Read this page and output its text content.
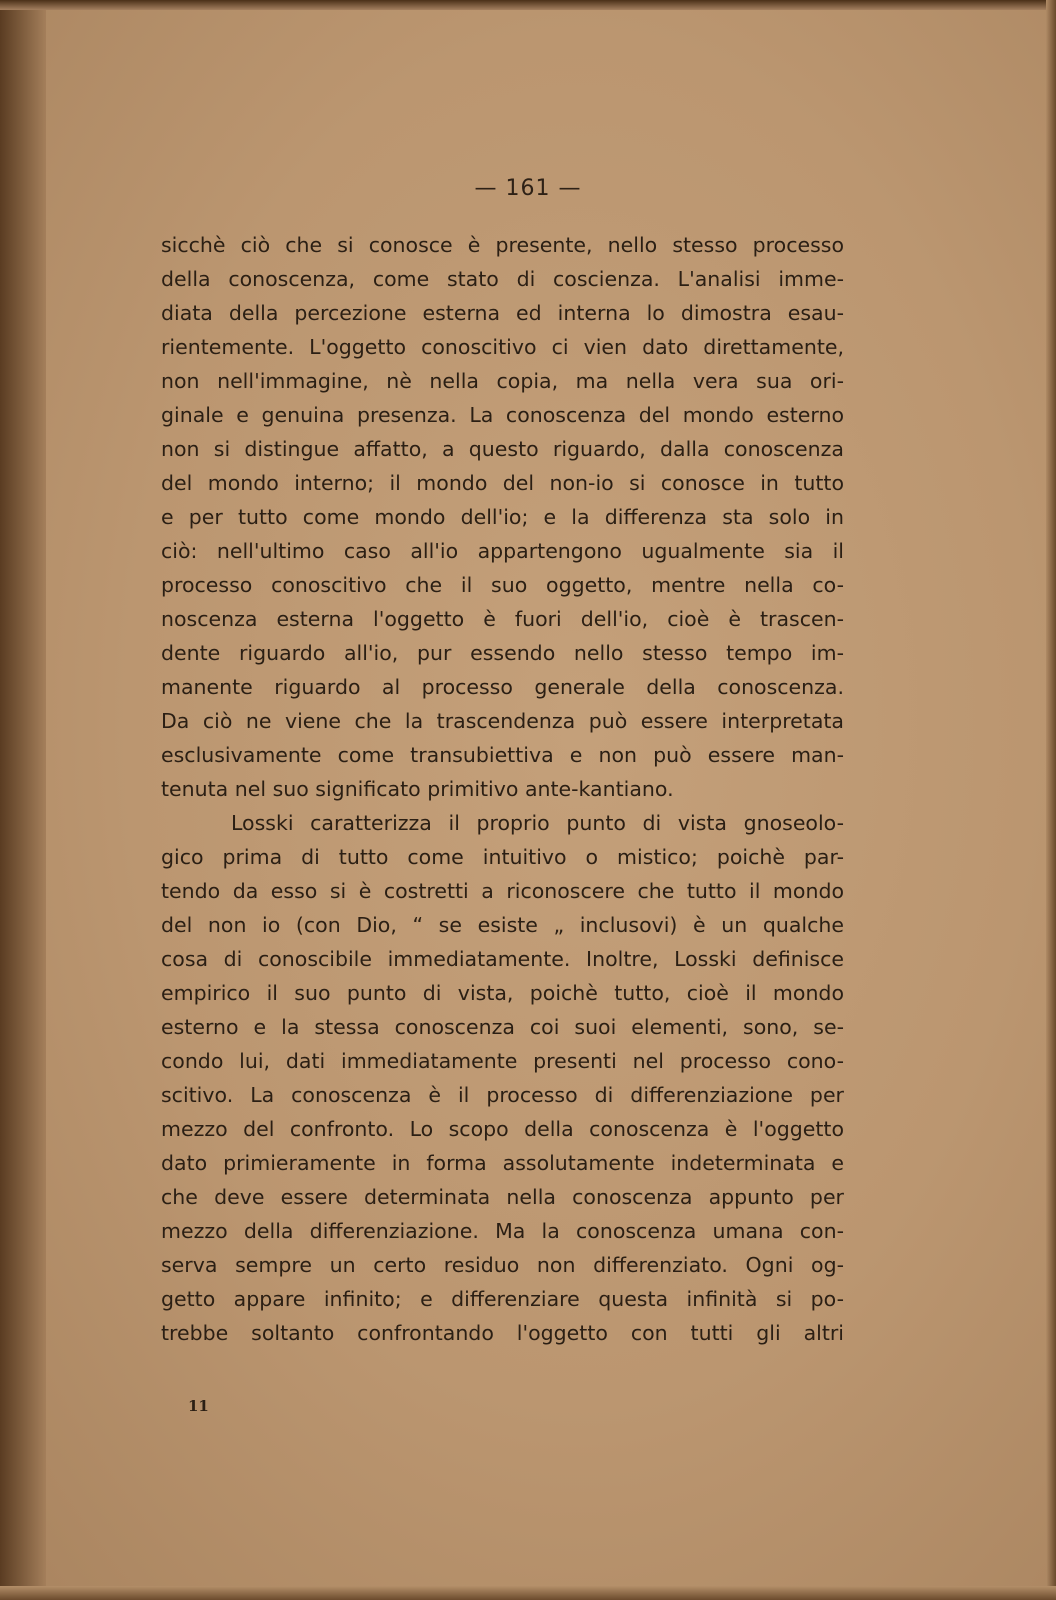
— 161 —
sicchè ciò che si conosce è presente, nello stesso processo
della conoscenza, come stato di coscienza. L'analisi imme-
diata della percezione esterna ed interna lo dimostra esau-
rientemente. L'oggetto conoscitivo ci vien dato direttamente,
non nell'immagine, nè nella copia, ma nella vera sua ori-
ginale e genuina presenza. La conoscenza del mondo esterno
non si distingue affatto, a questo riguardo, dalla conoscenza
del mondo interno; il mondo del non-io si conosce in tutto
e per tutto come mondo dell'io; e la differenza sta solo in
ciò: nell'ultimo caso all'io appartengono ugualmente sia il
processo conoscitivo che il suo oggetto, mentre nella co-
noscenza esterna l'oggetto è fuori dell'io, cioè è trascen-
dente riguardo all'io, pur essendo nello stesso tempo im-
manente riguardo al processo generale della conoscenza.
Da ciò ne viene che la trascendenza può essere interpretata
esclusivamente come transubiettiva e non può essere man-
tenuta nel suo significato primitivo ante-kantiano.
Losski caratterizza il proprio punto di vista gnoseolo-
gico prima di tutto come intuitivo o mistico; poichè par-
tendo da esso si è costretti a riconoscere che tutto il mondo
del non io (con Dio, “ se esiste „ inclusovi) è un qualche
cosa di conoscibile immediatamente. Inoltre, Losski definisce
empirico il suo punto di vista, poichè tutto, cioè il mondo
esterno e la stessa conoscenza coi suoi elementi, sono, se-
condo lui, dati immediatamente presenti nel processo cono-
scitivo. La conoscenza è il processo di differenziazione per
mezzo del confronto. Lo scopo della conoscenza è l'oggetto
dato primieramente in forma assolutamente indeterminata e
che deve essere determinata nella conoscenza appunto per
mezzo della differenziazione. Ma la conoscenza umana con-
serva sempre un certo residuo non differenziato. Ogni og-
getto appare infinito; e differenziare questa infinità si po-
trebbe soltanto confrontando l'oggetto con tutti gli altri
11
